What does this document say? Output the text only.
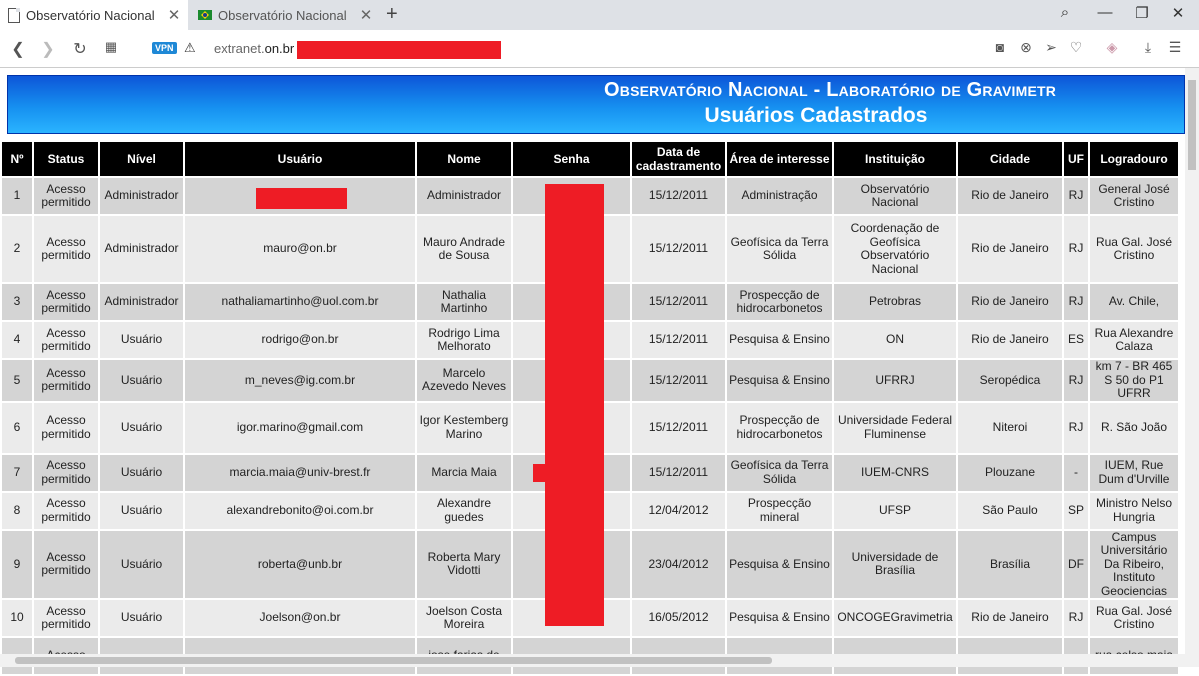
Observatório Nacional ✕	Observatório Nacional ✕ +	⌕	—	❐	✕
❮ ❯ ↻ ▦	VPN ⚠ extranet.on.br	◙	⊗ ➢ ♡	◈	⤓	☰
Observatório Nacional - Laboratório de Gravimetr
Usuários Cadastrados
Nº	Status	Nível	Usuário	Nome	Senha	Data de cadastramento	Área de interesse	Instituição	Cidade	UF	Logradouro
1	Acesso permitido	Administrador		Administrador		15/12/2011	Administração	Observatório Nacional	Rio de Janeiro	RJ	General José Cristino
2	Acesso permitido	Administrador	mauro@on.br	Mauro Andrade de Sousa		15/12/2011	Geofísica da Terra Sólida	Coordenação de Geofísica Observatório Nacional	Rio de Janeiro	RJ	Rua Gal. José Cristino
3	Acesso permitido	Administrador	nathaliamartinho@uol.com.br	Nathalia Martinho		15/12/2011	Prospecção de hidrocarbonetos	Petrobras	Rio de Janeiro	RJ	Av. Chile,
4	Acesso permitido	Usuário	rodrigo@on.br	Rodrigo Lima Melhorato		15/12/2011	Pesquisa & Ensino	ON	Rio de Janeiro	ES	Rua Alexandre Calaza
5	Acesso permitido	Usuário	m_neves@ig.com.br	Marcelo Azevedo Neves		15/12/2011	Pesquisa & Ensino	UFRRJ	Seropédica	RJ	km 7 - BR 465 S 50 do P1 UFRR
6	Acesso permitido	Usuário	igor.marino@gmail.com	Igor Kestemberg Marino		15/12/2011	Prospecção de hidrocarbonetos	Universidade Federal Fluminense	Niteroi	RJ	R. São João
7	Acesso permitido	Usuário	marcia.maia@univ-brest.fr	Marcia Maia		15/12/2011	Geofísica da Terra Sólida	IUEM-CNRS	Plouzane	-	IUEM, Rue Dum d'Urville
8	Acesso permitido	Usuário	alexandrebonito@oi.com.br	Alexandre guedes		12/04/2012	Prospecção mineral	UFSP	São Paulo	SP	Ministro Nelso Hungria
9	Acesso permitido	Usuário	roberta@unb.br	Roberta Mary Vidotti		23/04/2012	Pesquisa & Ensino	Universidade de Brasília	Brasília	DF	Campus Universitário Da Ribeiro, Instituto Geociencias
10	Acesso permitido	Usuário	Joelson@on.br	Joelson Costa Moreira		16/05/2012	Pesquisa & Ensino	ONCOGEGravimetria	Rio de Janeiro	RJ	Rua Gal. José Cristino
